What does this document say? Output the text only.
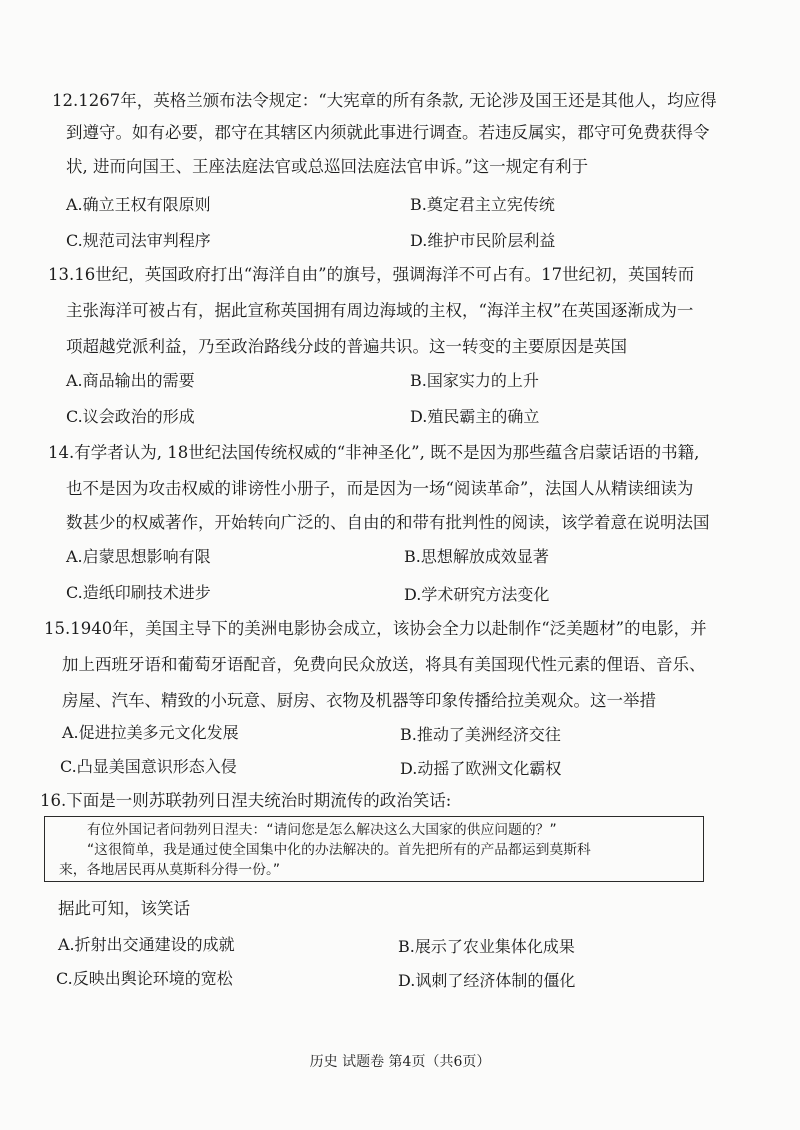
12.1267年，英格兰颁布法令规定：“大宪章的所有条款, 无论涉及国王还是其他人，均应得
到遵守。如有必要，郡守在其辖区内须就此事进行调查。若违反属实，郡守可免费获得令
状, 进而向国王、王座法庭法官或总巡回法庭法官申诉。”这一规定有利于
A.确立王权有限原则	B.奠定君主立宪传统
C.规范司法审判程序	D.维护市民阶层利益
13.16世纪，英国政府打出“海洋自由”的旗号，强调海洋不可占有。17世纪初，英国转而
主张海洋可被占有，据此宣称英国拥有周边海域的主权，“海洋主权”在英国逐渐成为一
项超越党派利益，乃至政治路线分歧的普遍共识。这一转变的主要原因是英国
A.商品输出的需要	B.国家实力的上升
C.议会政治的形成	D.殖民霸主的确立
14.有学者认为, 18世纪法国传统权威的“非神圣化”, 既不是因为那些蕴含启蒙话语的书籍,
也不是因为攻击权威的诽谤性小册子，而是因为一场“阅读革命”，法国人从精读细读为
数甚少的权威著作，开始转向广泛的、自由的和带有批判性的阅读，该学着意在说明法国
A.启蒙思想影响有限	B.思想解放成效显著
C.造纸印刷技术进步	D.学术研究方法变化
15.1940年，美国主导下的美洲电影协会成立，该协会全力以赴制作“泛美题材”的电影，并
加上西班牙语和葡萄牙语配音，免费向民众放送，将具有美国现代性元素的俚语、音乐、
房屋、汽车、精致的小玩意、厨房、衣物及机器等印象传播给拉美观众。这一举措
A.促进拉美多元文化发展	B.推动了美洲经济交往
C.凸显美国意识形态入侵	D.动摇了欧洲文化霸权
16.下面是一则苏联勃列日涅夫统治时期流传的政治笑话:
有位外国记者问勃列日涅夫：“请问您是怎么解决这么大国家的供应问题的？”
“这很简单，我是通过使全国集中化的办法解决的。首先把所有的产品都运到莫斯科
来，各地居民再从莫斯科分得一份。”
据此可知，该笑话
A.折射出交通建设的成就	B.展示了农业集体化成果
C.反映出舆论环境的宽松	D.讽刺了经济体制的僵化
历史 试题卷 第4页（共6页）
